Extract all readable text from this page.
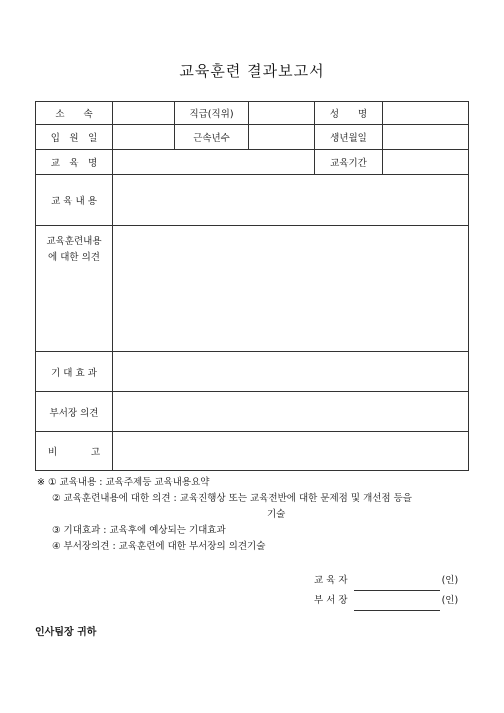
교육훈련 결과보고서
소　　속		직급(직위)		성　　명	
입　원　일		근속년수		생년월일	
교　육　명				교육기간	
교 육 내 용					

교육훈련내용
에 대한 의견					

기 대 효 과					
부서장 의견					

비 고					

※ ① 교육내용 : 교육주제등 교육내용요약
② 교육훈련내용에 대한 의견 : 교육진행상 또는 교육전반에 대한 문제점 및 개선점 등을
기술
③ 기대효과 : 교육후에 예상되는 기대효과
④ 부서장의견 : 교육훈련에 대한 부서장의 의견기술
교 육 자	(인)
부 서 장	(인)
인사팀장 귀하
